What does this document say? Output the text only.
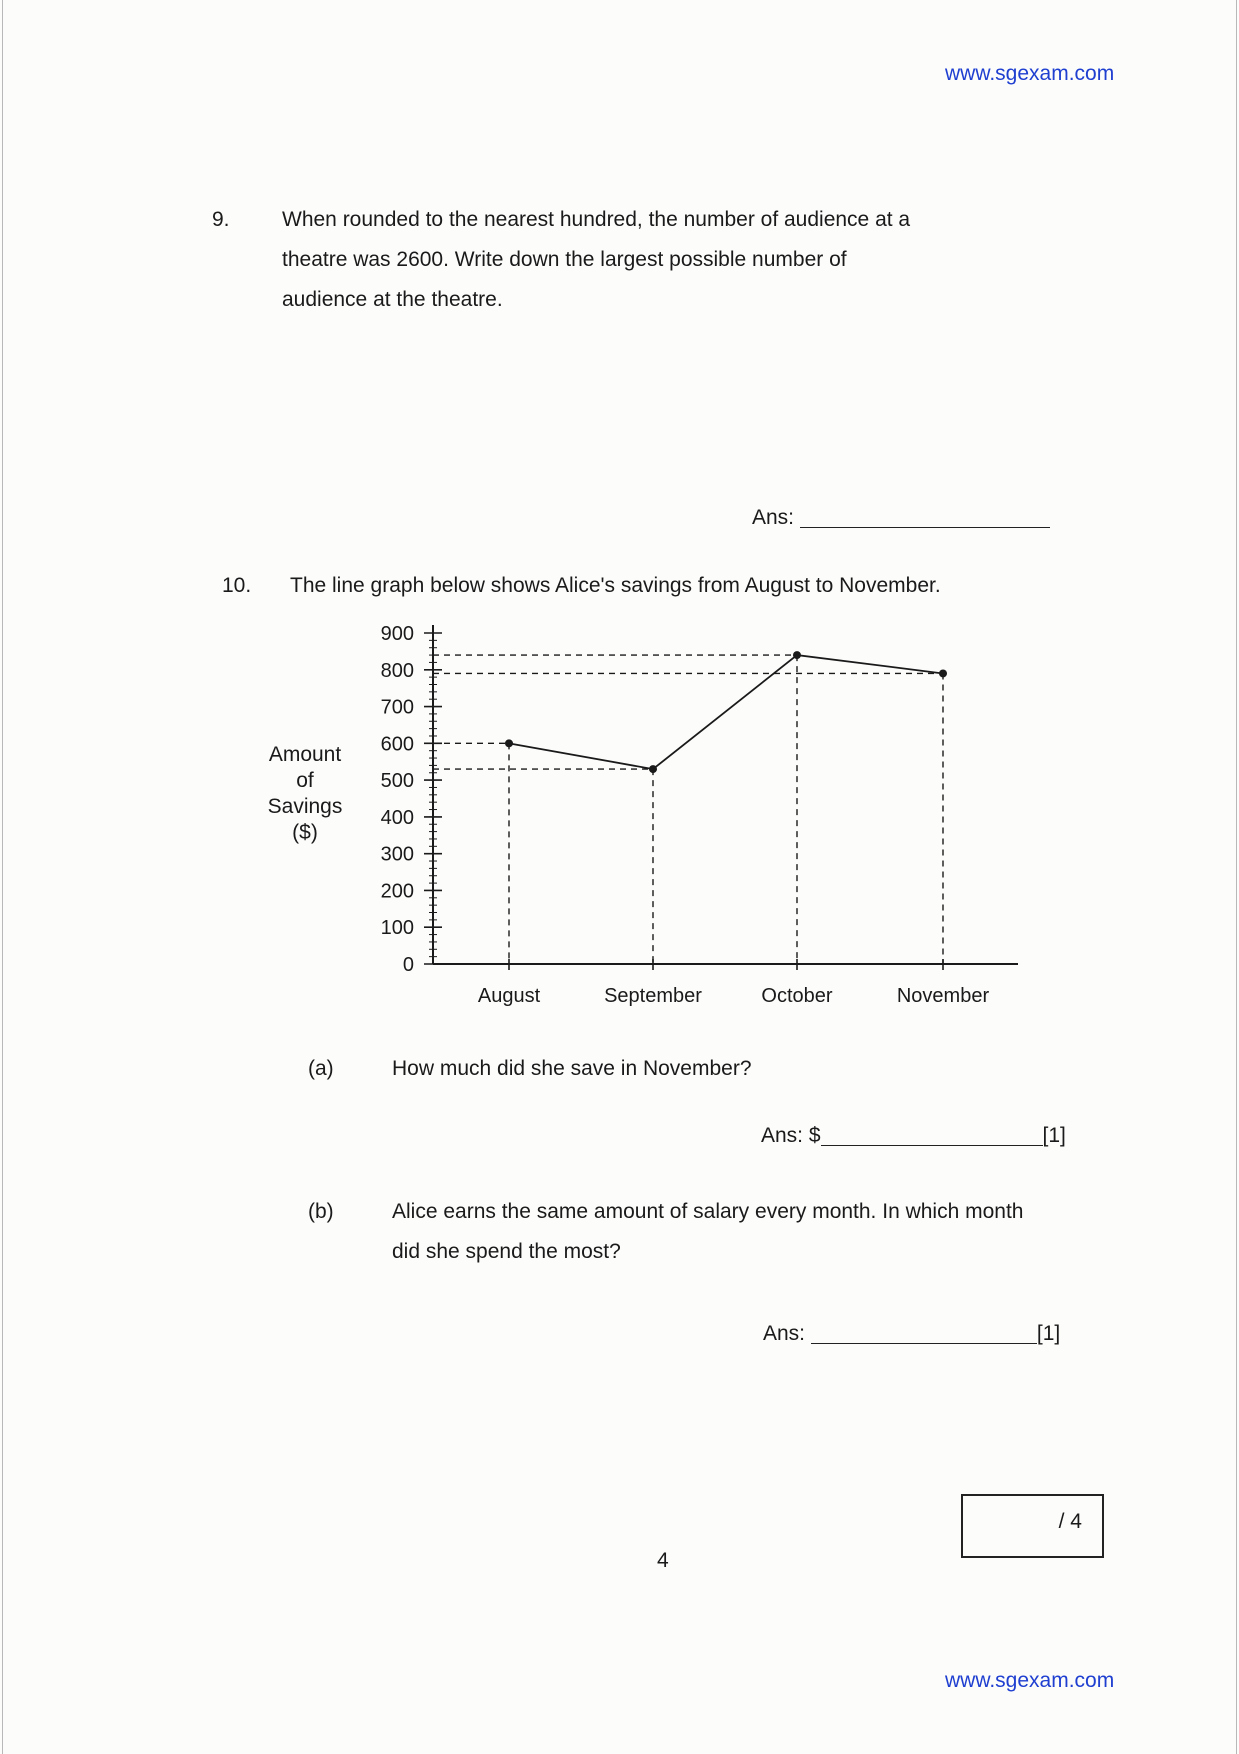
www.sgexam.com
9. When rounded to the nearest hundred, the number of audience at a
theatre was 2600. Write down the largest possible number of
audience at the theatre.
Ans:
10. The line graph below shows Alice's savings from August to November.
Amount
of
Savings
($)
0
100
200
300
400
500
600
700
800
900
August	September	October	November
(a)	How much did she save in November?
Ans: $	[1]
(b)	Alice earns the same amount of salary every month. In which month
did she spend the most?
Ans:	[1]
/ 4
4
www.sgexam.com
